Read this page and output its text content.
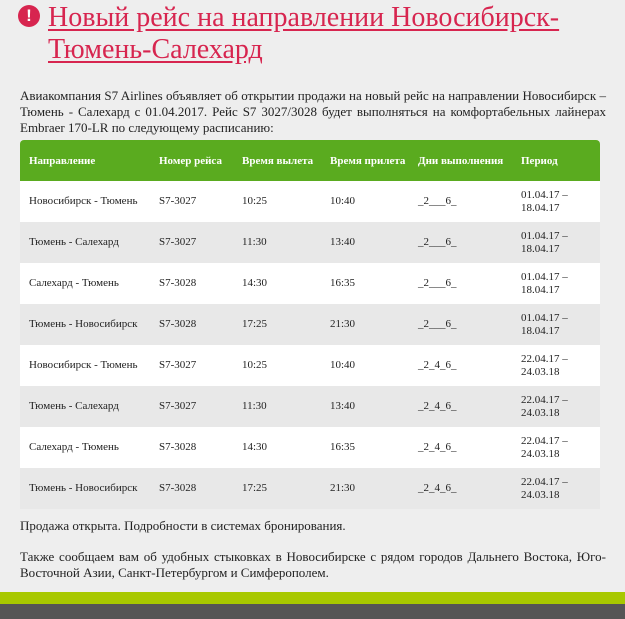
! Новый рейс на направлении Новосибирск-Тюмень-Салехард

Авиакомпания S7 Airlines объявляет об открытии продажи на новый рейс на направлении Новосибирск – Тюмень - Салехард с 01.04.2017. Рейс S7 3027/3028 будет выполняться на комфортабельных лайнерах Embraer 170-LR по следующему расписанию:

Направление	Номер рейса	Время вылета	Время прилета	Дни выполнения	Период
Новосибирск - Тюмень	S7-3027	10:25	10:40	_2___6_	01.04.17 – 18.04.17
Тюмень - Салехард	S7-3027	11:30	13:40	_2___6_	01.04.17 – 18.04.17
Салехард - Тюмень	S7-3028	14:30	16:35	_2___6_	01.04.17 – 18.04.17
Тюмень - Новосибирск	S7-3028	17:25	21:30	_2___6_	01.04.17 – 18.04.17
Новосибирск - Тюмень	S7-3027	10:25	10:40	_2_4_6_	22.04.17 – 24.03.18
Тюмень - Салехард	S7-3027	11:30	13:40	_2_4_6_	22.04.17 – 24.03.18
Салехард - Тюмень	S7-3028	14:30	16:35	_2_4_6_	22.04.17 – 24.03.18
Тюмень - Новосибирск	S7-3028	17:25	21:30	_2_4_6_	22.04.17 – 24.03.18

Продажа открыта. Подробности в системах бронирования.

Также сообщаем вам об удобных стыковках в Новосибирске с рядом городов Дальнего Востока, Юго-Восточной Азии, Санкт-Петербургом и Симферополем.
